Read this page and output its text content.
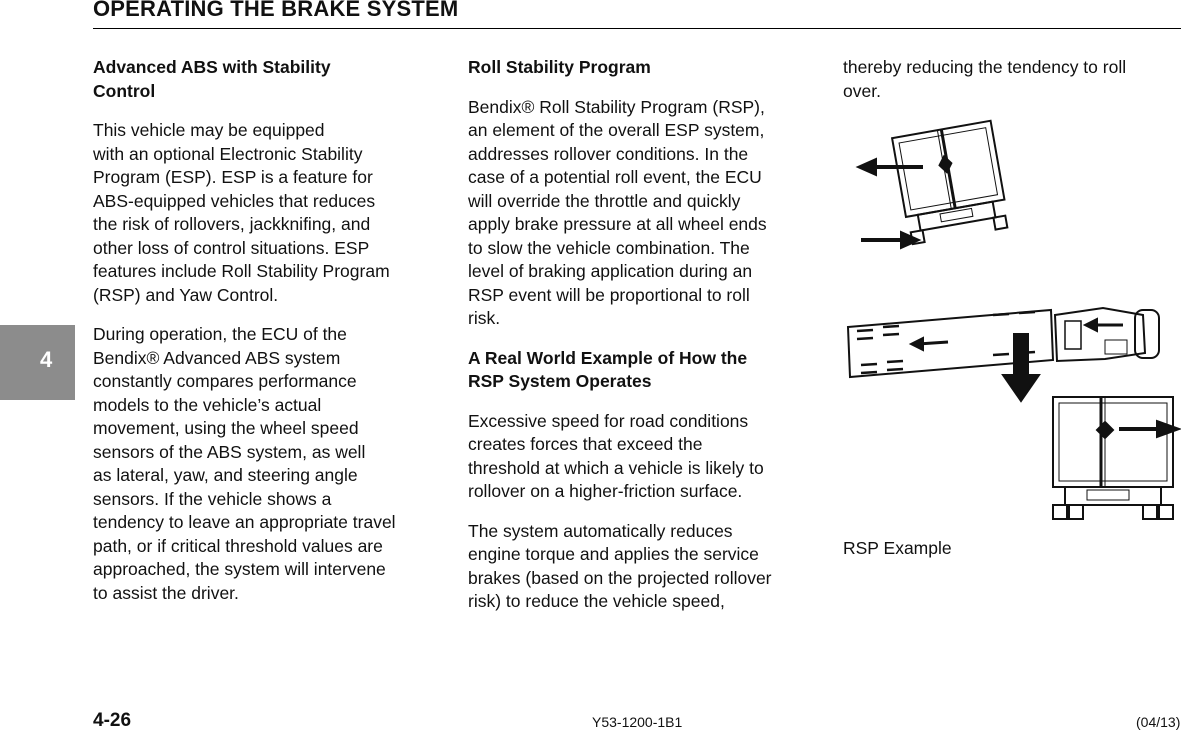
OPERATING THE BRAKE SYSTEM
4

Advanced ABS with Stability
Control

This vehicle may be equipped
with an optional Electronic Stability
Program (ESP). ESP is a feature for
ABS-equipped vehicles that reduces
the risk of rollovers, jackknifing, and
other loss of control situations. ESP
features include Roll Stability Program
(RSP) and Yaw Control.

During operation, the ECU of the
Bendix® Advanced ABS system
constantly compares performance
models to the vehicle’s actual
movement, using the wheel speed
sensors of the ABS system, as well
as lateral, yaw, and steering angle
sensors. If the vehicle shows a
tendency to leave an appropriate travel
path, or if critical threshold values are
approached, the system will intervene
to assist the driver.

Roll Stability Program

Bendix® Roll Stability Program (RSP),
an element of the overall ESP system,
addresses rollover conditions. In the
case of a potential roll event, the ECU
will override the throttle and quickly
apply brake pressure at all wheel ends
to slow the vehicle combination. The
level of braking application during an
RSP event will be proportional to roll
risk.

A Real World Example of How the
RSP System Operates

Excessive speed for road conditions
creates forces that exceed the
threshold at which a vehicle is likely to
rollover on a higher-friction surface.

The system automatically reduces
engine torque and applies the service
brakes (based on the projected rollover
risk) to reduce the vehicle speed,

thereby reducing the tendency to roll
over.

RSP Example
4-26	Y53-1200-1B1	(04/13)
